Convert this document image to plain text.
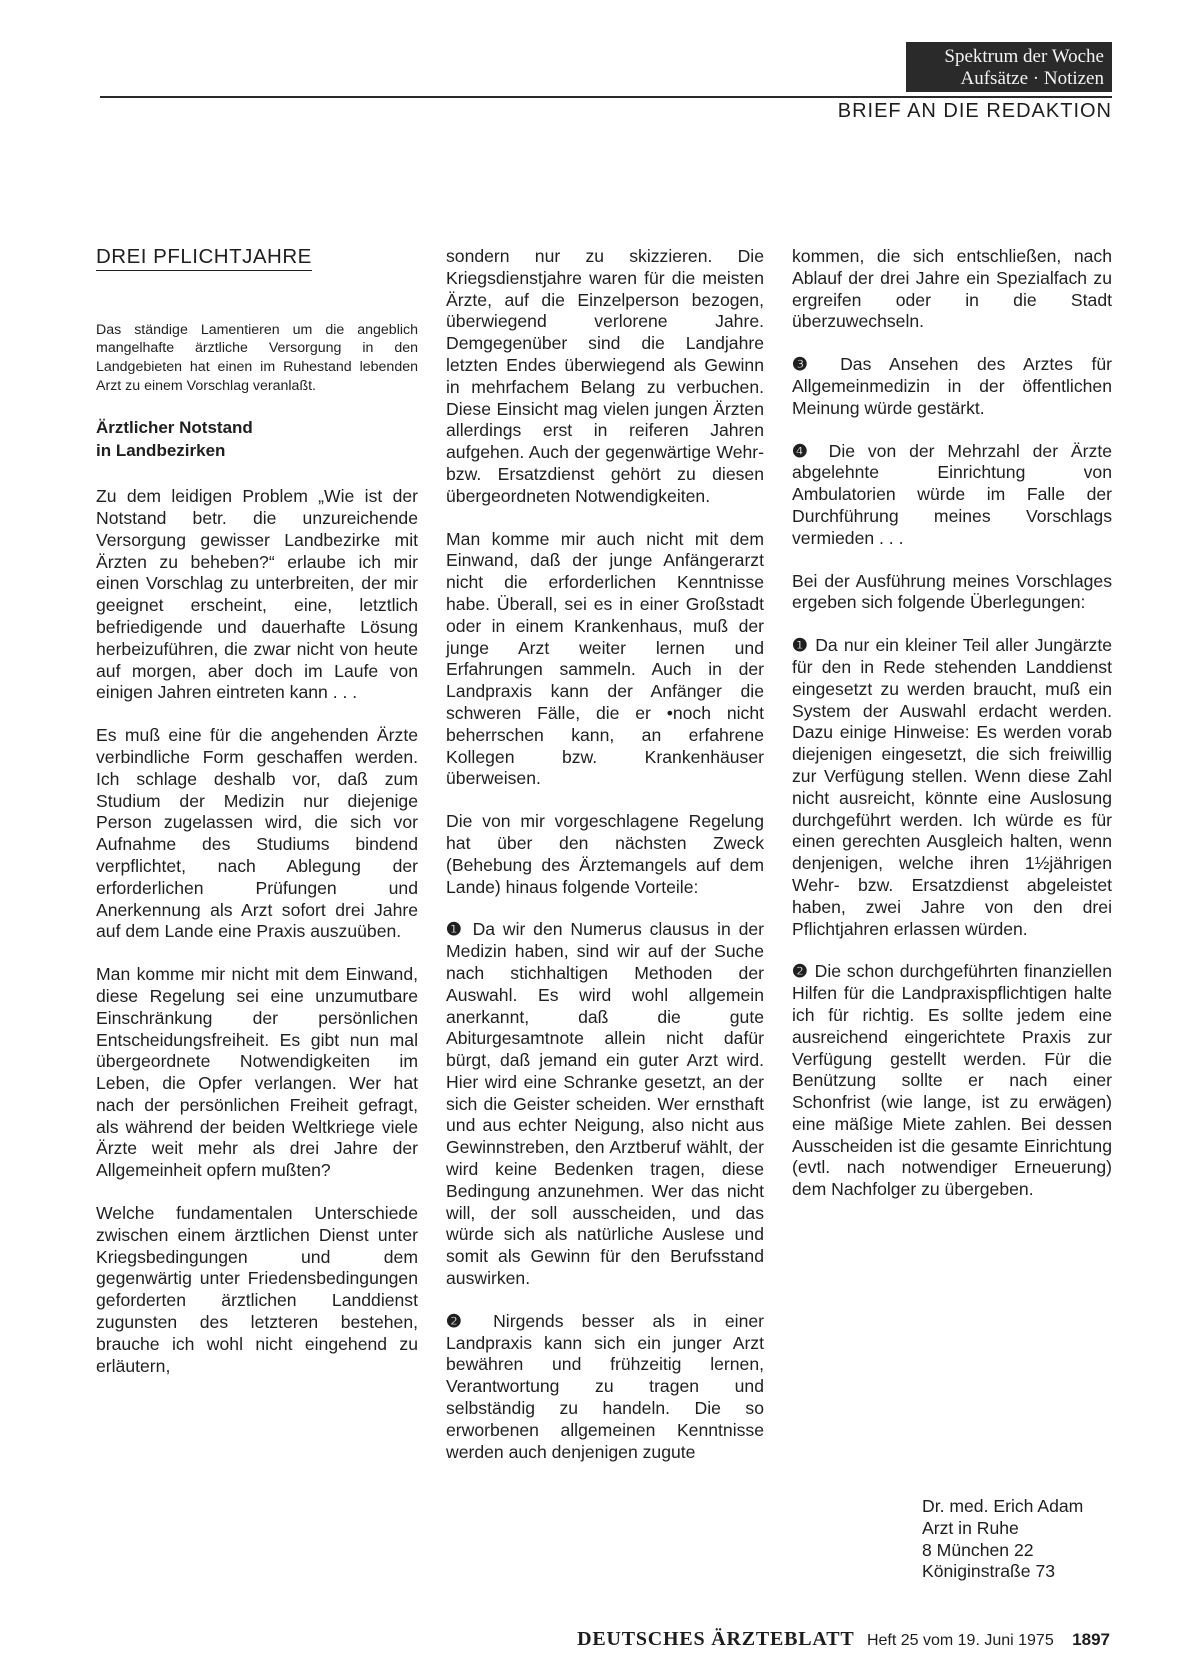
Spektrum der Woche
Aufsätze · Notizen
BRIEF AN DIE REDAKTION
DREI PFLICHTJAHRE

Das ständige Lamentieren um die angeblich mangelhafte ärztliche Versorgung in den Landgebieten hat einen im Ruhestand lebenden Arzt zu einem Vorschlag veranlaßt.

Ärztlicher Notstand
in Landbezirken

Zu dem leidigen Problem „Wie ist der Notstand betr. die unzureichende Versorgung gewisser Landbezirke mit Ärzten zu beheben?“ erlaube ich mir einen Vorschlag zu unterbreiten, der mir geeignet erscheint, eine, letztlich befriedigende und dauerhafte Lösung herbeizuführen, die zwar nicht von heute auf morgen, aber doch im Laufe von einigen Jahren eintreten kann . . .

Es muß eine für die angehenden Ärzte verbindliche Form geschaffen werden. Ich schlage deshalb vor, daß zum Studium der Medizin nur diejenige Person zugelassen wird, die sich vor Aufnahme des Studiums bindend verpflichtet, nach Ablegung der erforderlichen Prüfungen und Anerkennung als Arzt sofort drei Jahre auf dem Lande eine Praxis auszuüben.

Man komme mir nicht mit dem Einwand, diese Regelung sei eine unzumutbare Einschränkung der persönlichen Entscheidungsfreiheit. Es gibt nun mal übergeordnete Notwendigkeiten im Leben, die Opfer verlangen. Wer hat nach der persönlichen Freiheit gefragt, als während der beiden Weltkriege viele Ärzte weit mehr als drei Jahre der Allgemeinheit opfern mußten?

Welche fundamentalen Unterschiede zwischen einem ärztlichen Dienst unter Kriegsbedingungen und dem gegenwärtig unter Friedensbedingungen geforderten ärztlichen Landdienst zugunsten des letzteren bestehen, brauche ich wohl nicht eingehend zu erläutern,

sondern nur zu skizzieren. Die Kriegsdienstjahre waren für die meisten Ärzte, auf die Einzelperson bezogen, überwiegend verlorene Jahre. Demgegenüber sind die Landjahre letzten Endes überwiegend als Gewinn in mehrfachem Belang zu verbuchen. Diese Einsicht mag vielen jungen Ärzten allerdings erst in reiferen Jahren aufgehen. Auch der gegenwärtige Wehr- bzw. Ersatzdienst gehört zu diesen übergeordneten Notwendigkeiten.

Man komme mir auch nicht mit dem Einwand, daß der junge Anfängerarzt nicht die erforderlichen Kenntnisse habe. Überall, sei es in einer Großstadt oder in einem Krankenhaus, muß der junge Arzt weiter lernen und Erfahrungen sammeln. Auch in der Landpraxis kann der Anfänger die schweren Fälle, die er •noch nicht beherrschen kann, an erfahrene Kollegen bzw. Krankenhäuser überweisen.

Die von mir vorgeschlagene Regelung hat über den nächsten Zweck (Behebung des Ärztemangels auf dem Lande) hinaus folgende Vorteile:

❶ Da wir den Numerus clausus in der Medizin haben, sind wir auf der Suche nach stichhaltigen Methoden der Auswahl. Es wird wohl allgemein anerkannt, daß die gute Abiturgesamtnote allein nicht dafür bürgt, daß jemand ein guter Arzt wird. Hier wird eine Schranke gesetzt, an der sich die Geister scheiden. Wer ernsthaft und aus echter Neigung, also nicht aus Gewinnstreben, den Arztberuf wählt, der wird keine Bedenken tragen, diese Bedingung anzunehmen. Wer das nicht will, der soll ausscheiden, und das würde sich als natürliche Auslese und somit als Gewinn für den Berufsstand auswirken.

❷ Nirgends besser als in einer Landpraxis kann sich ein junger Arzt bewähren und frühzeitig lernen, Verantwortung zu tragen und selbständig zu handeln. Die so erworbenen allgemeinen Kenntnisse werden auch denjenigen zugute

kommen, die sich entschließen, nach Ablauf der drei Jahre ein Spezialfach zu ergreifen oder in die Stadt überzuwechseln.

❸ Das Ansehen des Arztes für Allgemeinmedizin in der öffentlichen Meinung würde gestärkt.

❹ Die von der Mehrzahl der Ärzte abgelehnte Einrichtung von Ambulatorien würde im Falle der Durchführung meines Vorschlags vermieden . . .

Bei der Ausführung meines Vorschlages ergeben sich folgende Überlegungen:

❶ Da nur ein kleiner Teil aller Jungärzte für den in Rede stehenden Landdienst eingesetzt zu werden braucht, muß ein System der Auswahl erdacht werden. Dazu einige Hinweise: Es werden vorab diejenigen eingesetzt, die sich freiwillig zur Verfügung stellen. Wenn diese Zahl nicht ausreicht, könnte eine Auslosung durchgeführt werden. Ich würde es für einen gerechten Ausgleich halten, wenn denjenigen, welche ihren 1½jährigen Wehr- bzw. Ersatzdienst abgeleistet haben, zwei Jahre von den drei Pflichtjahren erlassen würden.

❷ Die schon durchgeführten finanziellen Hilfen für die Landpraxispflichtigen halte ich für richtig. Es sollte jedem eine ausreichend eingerichtete Praxis zur Verfügung gestellt werden. Für die Benützung sollte er nach einer Schonfrist (wie lange, ist zu erwägen) eine mäßige Miete zahlen. Bei dessen Ausscheiden ist die gesamte Einrichtung (evtl. nach notwendiger Erneuerung) dem Nachfolger zu übergeben.

Dr. med. Erich Adam
Arzt in Ruhe
8 München 22
Königinstraße 73
DEUTSCHES ÄRZTEBLATT Heft 25 vom 19. Juni 1975 1897
